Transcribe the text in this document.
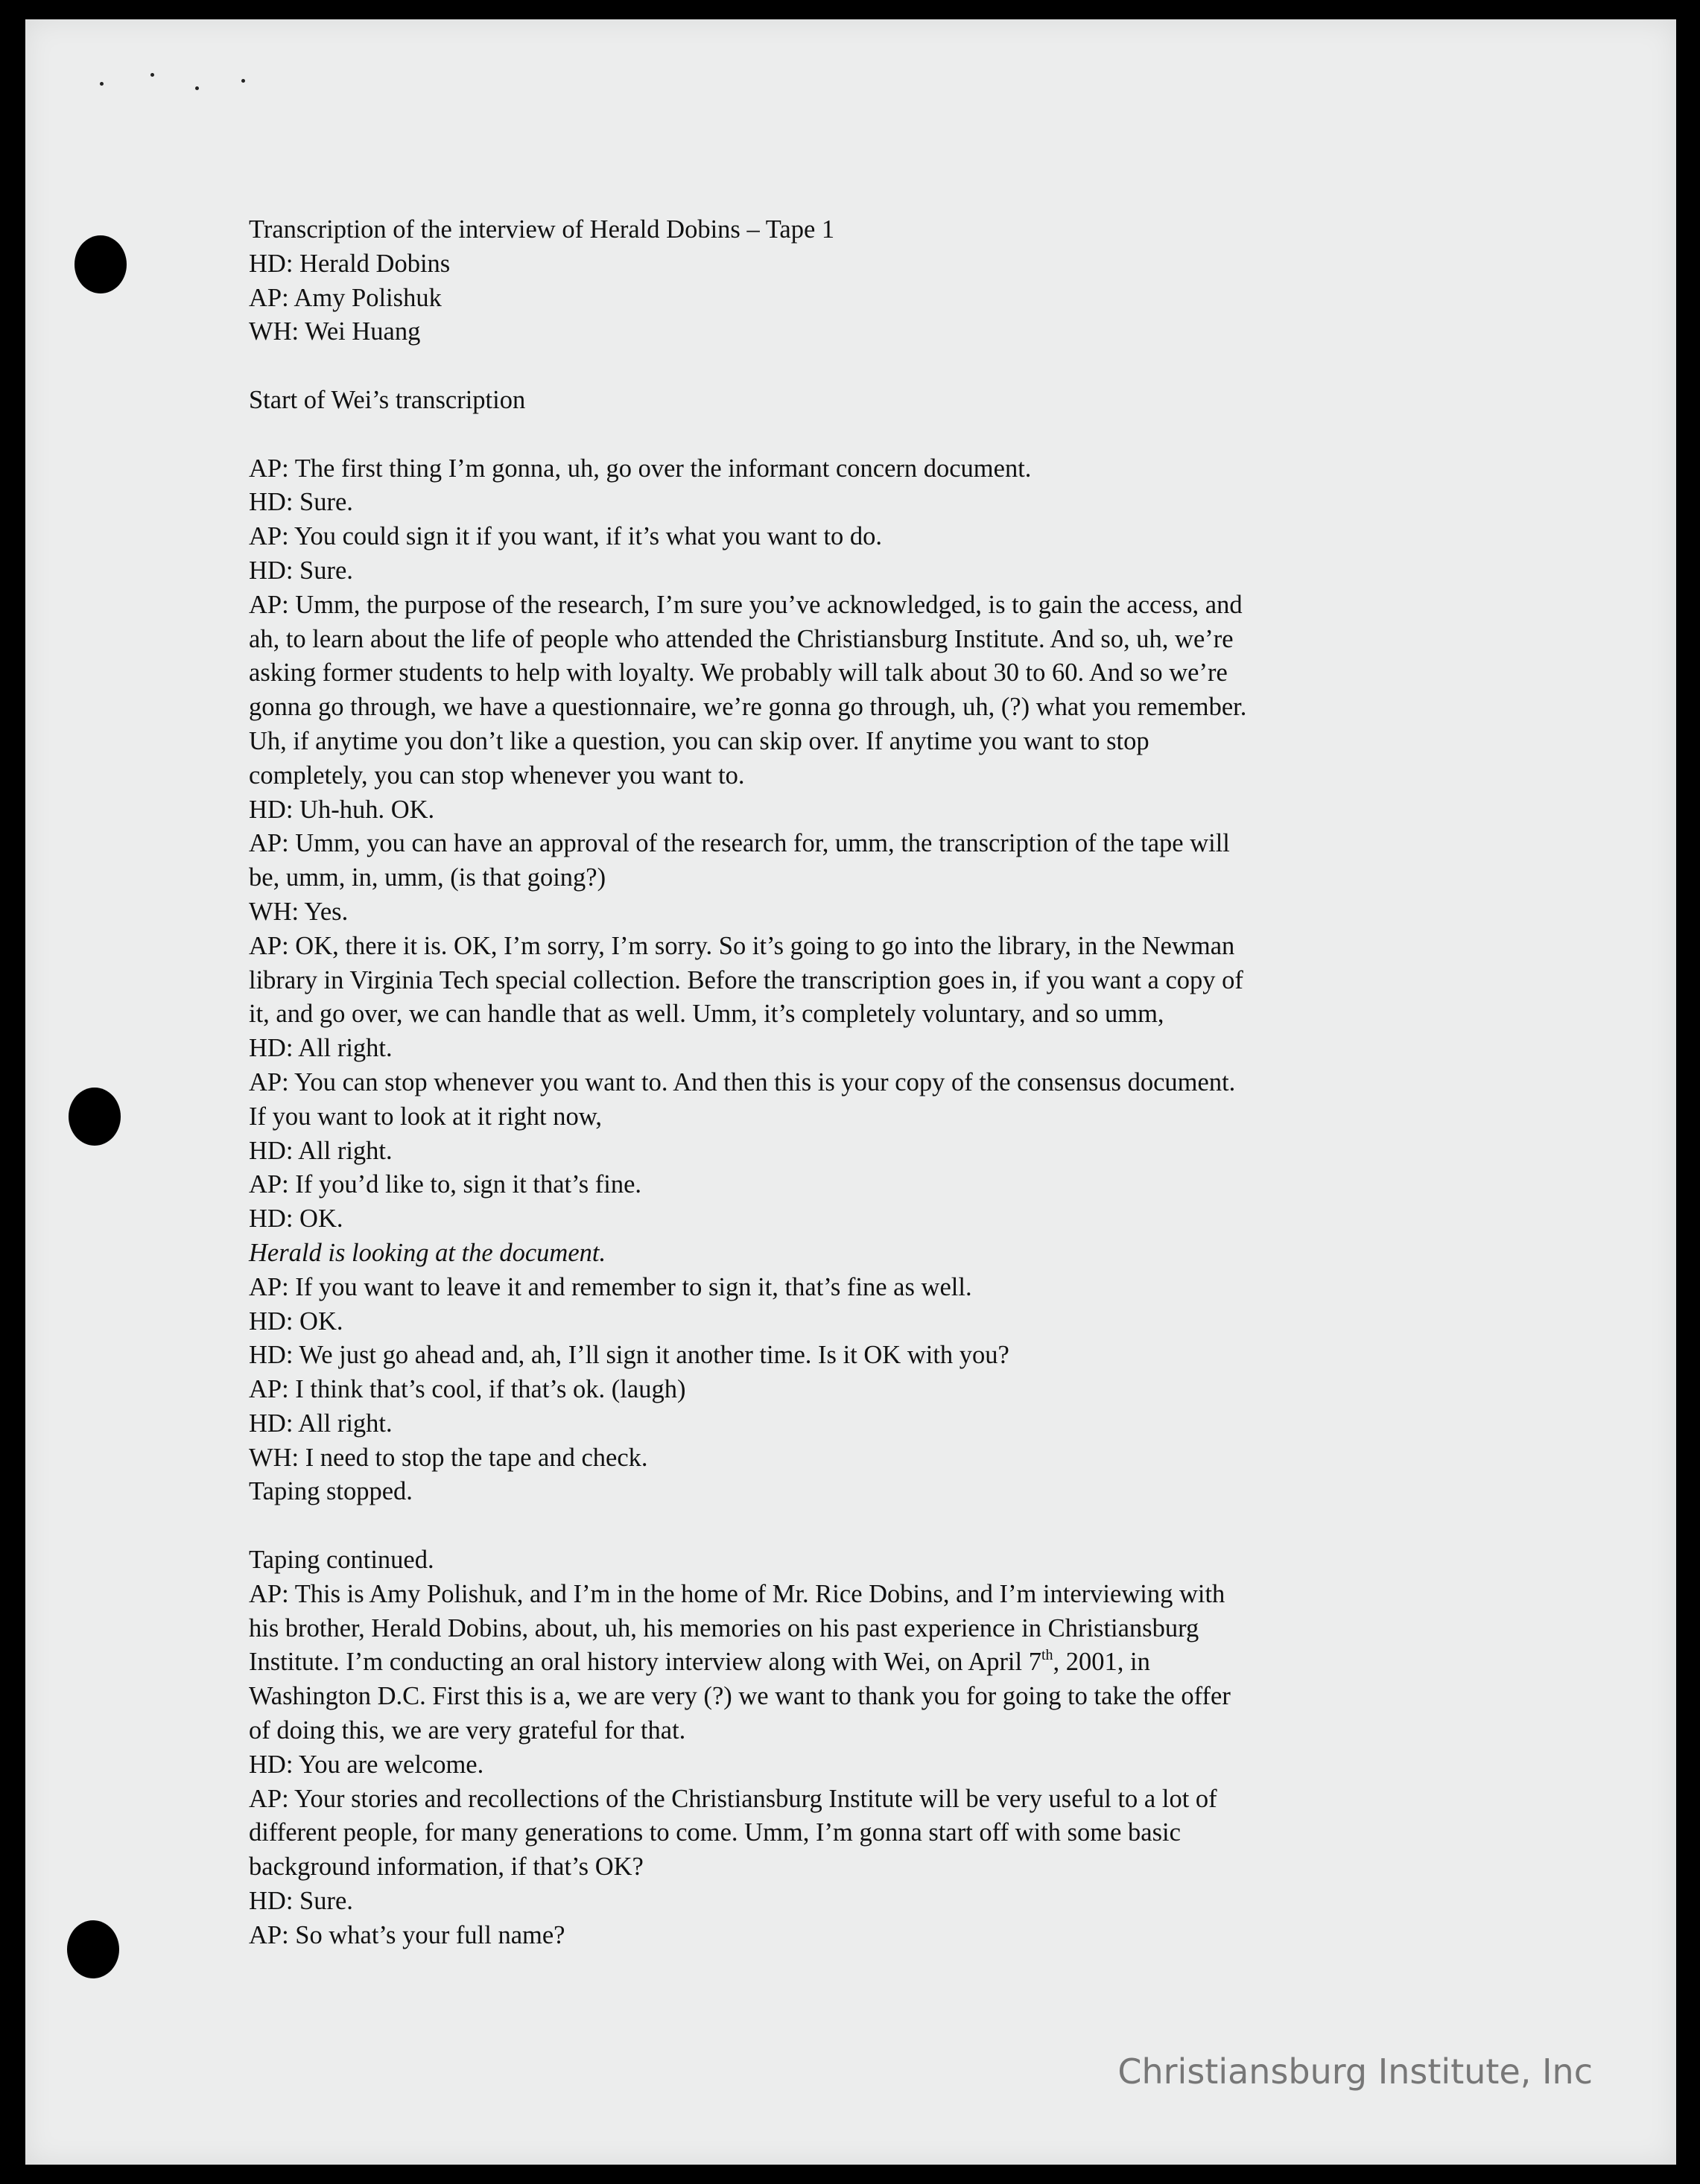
Transcription of the interview of Herald Dobins – Tape 1
HD: Herald Dobins
AP: Amy Polishuk
WH: Wei Huang
Start of Wei’s transcription
AP: The first thing I’m gonna, uh, go over the informant concern document.
HD: Sure.
AP: You could sign it if you want, if it’s what you want to do.
HD: Sure.
AP: Umm, the purpose of the research, I’m sure you’ve acknowledged, is to gain the access, and
ah, to learn about the life of people who attended the Christiansburg Institute. And so, uh, we’re
asking former students to help with loyalty. We probably will talk about 30 to 60. And so we’re
gonna go through, we have a questionnaire, we’re gonna go through, uh, (?) what you remember.
Uh, if anytime you don’t like a question, you can skip over. If anytime you want to stop
completely, you can stop whenever you want to.
HD: Uh-huh. OK.
AP: Umm, you can have an approval of the research for, umm, the transcription of the tape will
be, umm, in, umm, (is that going?)
WH: Yes.
AP: OK, there it is. OK, I’m sorry, I’m sorry. So it’s going to go into the library, in the Newman
library in Virginia Tech special collection. Before the transcription goes in, if you want a copy of
it, and go over, we can handle that as well. Umm, it’s completely voluntary, and so umm,
HD: All right.
AP: You can stop whenever you want to. And then this is your copy of the consensus document.
If you want to look at it right now,
HD: All right.
AP: If you’d like to, sign it that’s fine.
HD: OK.
Herald is looking at the document.
AP: If you want to leave it and remember to sign it, that’s fine as well.
HD: OK.
HD: We just go ahead and, ah, I’ll sign it another time. Is it OK with you?
AP: I think that’s cool, if that’s ok. (laugh)
HD: All right.
WH: I need to stop the tape and check.
Taping stopped.
Taping continued.
AP: This is Amy Polishuk, and I’m in the home of Mr. Rice Dobins, and I’m interviewing with
his brother, Herald Dobins, about, uh, his memories on his past experience in Christiansburg
Institute. I’m conducting an oral history interview along with Wei, on April 7th, 2001, in
Washington D.C. First this is a, we are very (?) we want to thank you for going to take the offer
of doing this, we are very grateful for that.
HD: You are welcome.
AP: Your stories and recollections of the Christiansburg Institute will be very useful to a lot of
different people, for many generations to come. Umm, I’m gonna start off with some basic
background information, if that’s OK?
HD: Sure.
AP: So what’s your full name?
Christiansburg Institute, Inc
